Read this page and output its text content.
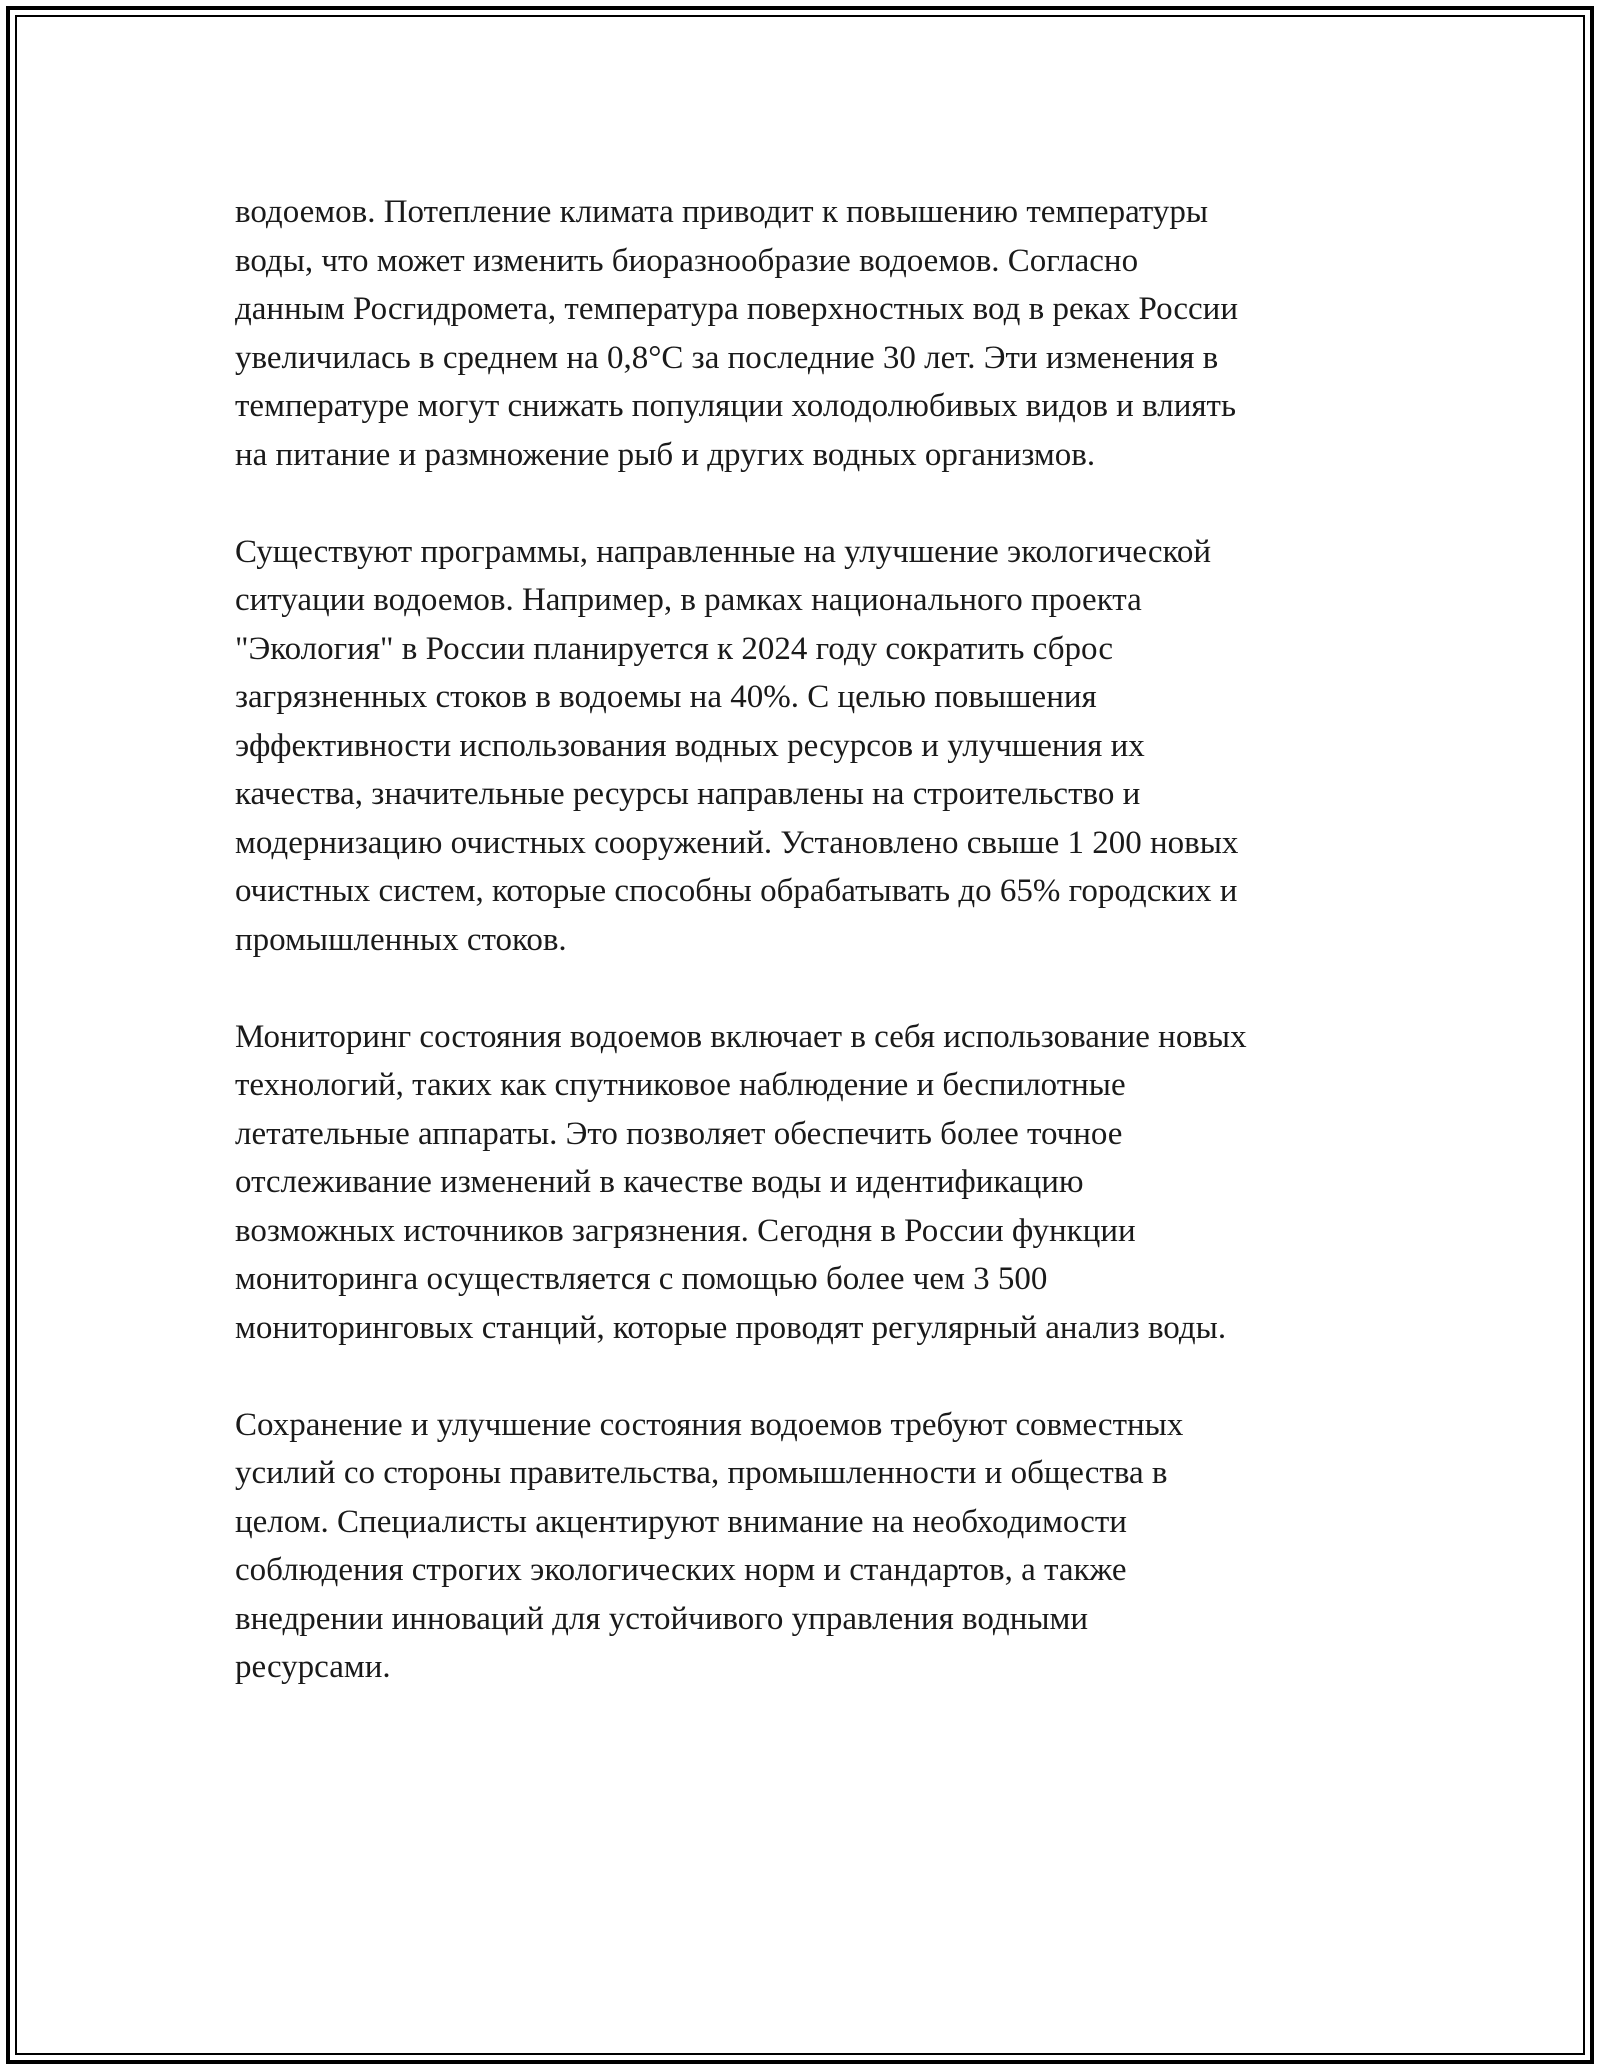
водоемов. Потепление климата приводит к повышению температуры
воды, что может изменить биоразнообразие водоемов. Согласно
данным Росгидромета, температура поверхностных вод в реках России
увеличилась в среднем на 0,8°C за последние 30 лет. Эти изменения в
температуре могут снижать популяции холодолюбивых видов и влиять
на питание и размножение рыб и других водных организмов.

Существуют программы, направленные на улучшение экологической
ситуации водоемов. Например, в рамках национального проекта
"Экология" в России планируется к 2024 году сократить сброс
загрязненных стоков в водоемы на 40%. С целью повышения
эффективности использования водных ресурсов и улучшения их
качества, значительные ресурсы направлены на строительство и
модернизацию очистных сооружений. Установлено свыше 1 200 новых
очистных систем, которые способны обрабатывать до 65% городских и
промышленных стоков.

Мониторинг состояния водоемов включает в себя использование новых
технологий, таких как спутниковое наблюдение и беспилотные
летательные аппараты. Это позволяет обеспечить более точное
отслеживание изменений в качестве воды и идентификацию
возможных источников загрязнения. Сегодня в России функции
мониторинга осуществляется с помощью более чем 3 500
мониторинговых станций, которые проводят регулярный анализ воды.

Сохранение и улучшение состояния водоемов требуют совместных
усилий со стороны правительства, промышленности и общества в
целом. Специалисты акцентируют внимание на необходимости
соблюдения строгих экологических норм и стандартов, а также
внедрении инноваций для устойчивого управления водными
ресурсами.
